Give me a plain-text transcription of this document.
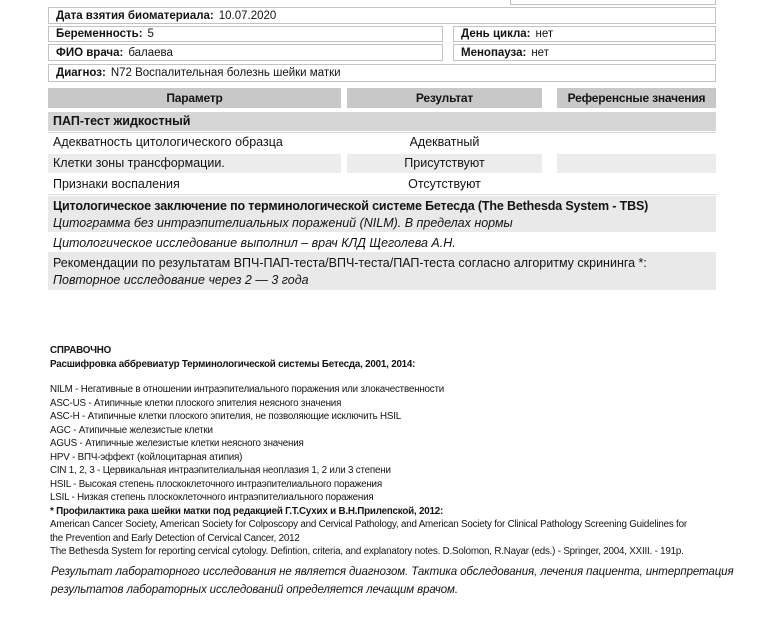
Дата взятия биоматериала: 10.07.2020
Беременность: 5	День цикла: нет
ФИО врача: балаева	Менопауза: нет
Диагноз: N72 Воспалительная болезнь шейки матки
Параметр	Результат	Референсные значения
ПАП-тест жидкостный
Адекватность цитологического образца	Адекватный
Клетки зоны трансформации.	Присутствуют
Признаки воспаления	Отсутствуют
Цитологическое заключение по терминологической системе Бетесда (The Bethesda System - TBS)
Цитограмма без интраэпителиальных поражений (NILM). В пределах нормы
Цитологическое исследование выполнил – врач КЛД Щеголева А.Н.
Рекомендации по результатам ВПЧ-ПАП-теста/ВПЧ-теста/ПАП-теста согласно алгоритму скрининга *:
Повторное исследование через 2 — 3 года
СПРАВОЧНО
Расшифровка аббревиатур Терминологической системы Бетесда, 2001, 2014:
NILM - Негативные в отношении интраэпителиального поражения или злокачественности
ASC-US - Атипичные клетки плоского эпителия неясного значения
ASC-H - Атипичные клетки плоского эпителия, не позволяющие исключить HSIL
AGC - Атипичные железистые клетки
AGUS - Атипичные железистые клетки неясного значения
HPV - ВПЧ-эффект (койлоцитарная атипия)
CIN 1, 2, 3 - Цервикальная интраэпителиальная неоплазия 1, 2 или 3 степени
HSIL - Высокая степень плоскоклеточного интраэпителиального поражения
LSIL - Низкая степень плоскоклеточного интраэпителиального поражения
* Профилактика рака шейки матки под редакцией Г.Т.Сухих и В.Н.Прилепской, 2012:
American Cancer Society, American Society for Colposcopy and Cervical Pathology, and American Society for Clinical Pathology Screening Guidelines for
the Prevention and Early Detection of Cervical Cancer, 2012
The Bethesda System for reporting cervical cytology. Defintion, criteria, and explanatory notes. D.Solomon, R.Nayar (eds.) - Springer, 2004, XXIII. - 191p.
Результат лабораторного исследования не является диагнозом. Тактика обследования, лечения пациента, интерпретация
результатов лабораторных исследований определяется лечащим врачом.
